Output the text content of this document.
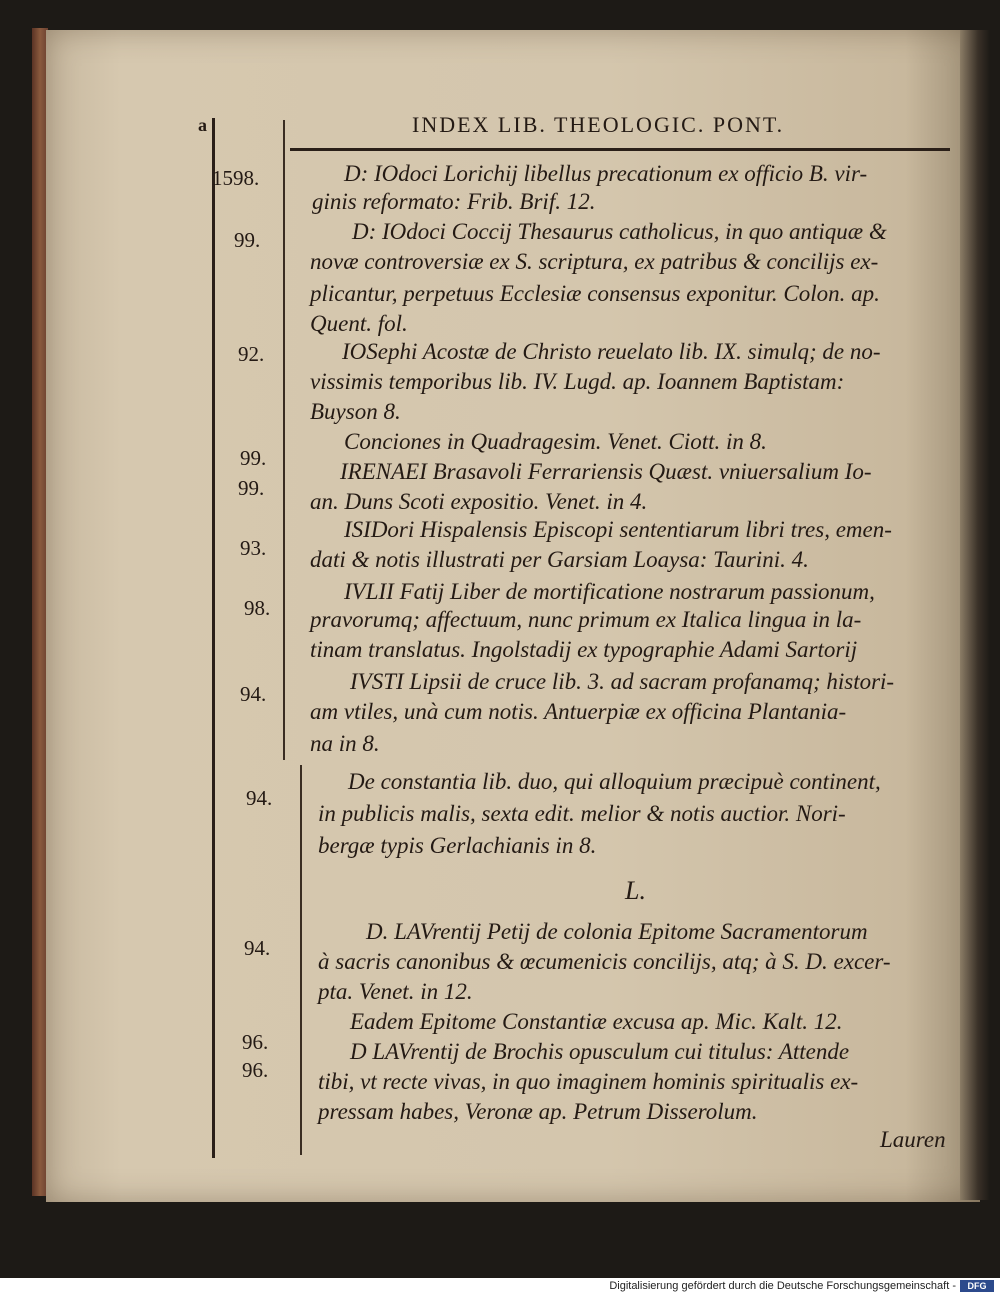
a	INDEX LIB. THEOLOGIC. PONT.
1598.
99.
92.
99.
99.
93.
98.
94.
94.
94.
96.
96.
D: IOdoci Lorichij libellus precationum ex officio B. vir-
ginis reformato: Frib. Brif. 12.
D: IOdoci Coccij Thesaurus catholicus, in quo antiquæ &
novæ controversiæ ex S. scriptura, ex patribus & concilijs ex-
plicantur, perpetuus Ecclesiæ consensus exponitur. Colon. ap.
Quent. fol.
IOSephi Acostæ de Christo reuelato lib. IX. simulq; de no-
vissimis temporibus lib. IV. Lugd. ap. Ioannem Baptistam:
Buyson 8.
Conciones in Quadragesim. Venet. Ciott. in 8.
IRENAEI Brasavoli Ferrariensis Quæst. vniuersalium Io-
an. Duns Scoti expositio. Venet. in 4.
ISIDori Hispalensis Episcopi sententiarum libri tres, emen-
dati & notis illustrati per Garsiam Loaysa: Taurini. 4.
IVLII Fatij Liber de mortificatione nostrarum passionum,
pravorumq; affectuum, nunc primum ex Italica lingua in la-
tinam translatus. Ingolstadij ex typographie Adami Sartorij
IVSTI Lipsii de cruce lib. 3. ad sacram profanamq; histori-
am vtiles, unà cum notis. Antuerpiæ ex officina Plantania-
na in 8.
De constantia lib. duo, qui alloquium præcipuè continent,
in publicis malis, sexta edit. melior & notis auctior. Nori-
bergæ typis Gerlachianis in 8.
L.
D. LAVrentij Petij de colonia Epitome Sacramentorum
à sacris canonibus & œcumenicis concilijs, atq; à S. D. excer-
pta. Venet. in 12.
Eadem Epitome Constantiæ excusa ap. Mic. Kalt. 12.
D LAVrentij de Brochis opusculum cui titulus: Attende
tibi, vt recte vivas, in quo imaginem hominis spiritualis ex-
pressam habes, Veronæ ap. Petrum Disserolum.
Lauren
Digitalisierung gefördert durch die Deutsche Forschungsgemeinschaft -	DFG
